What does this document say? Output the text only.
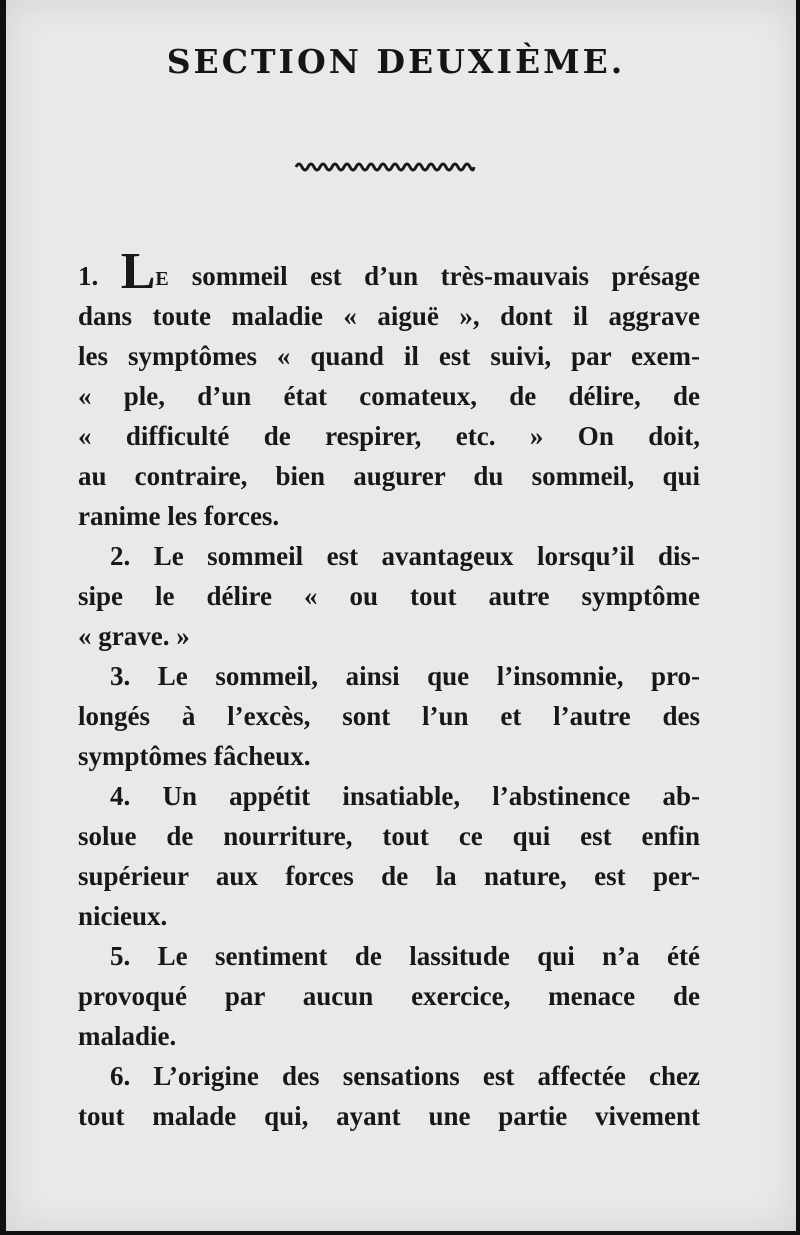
SECTION DEUXIÈME.
1. LE sommeil est d’un très-mauvais présage
dans toute maladie « aiguë », dont il aggrave
les symptômes « quand il est suivi, par exem-
« ple, d’un état comateux, de délire, de
« difficulté de respirer, etc. » On doit,
au contraire, bien augurer du sommeil, qui
ranime les forces.
2. Le sommeil est avantageux lorsqu’il dis-
sipe le délire « ou tout autre symptôme
« grave. »
3. Le sommeil, ainsi que l’insomnie, pro-
longés à l’excès, sont l’un et l’autre des
symptômes fâcheux.
4. Un appétit insatiable, l’abstinence ab-
solue de nourriture, tout ce qui est enfin
supérieur aux forces de la nature, est per-
nicieux.
5. Le sentiment de lassitude qui n’a été
provoqué par aucun exercice, menace de
maladie.
6. L’origine des sensations est affectée chez
tout malade qui, ayant une partie vivement
